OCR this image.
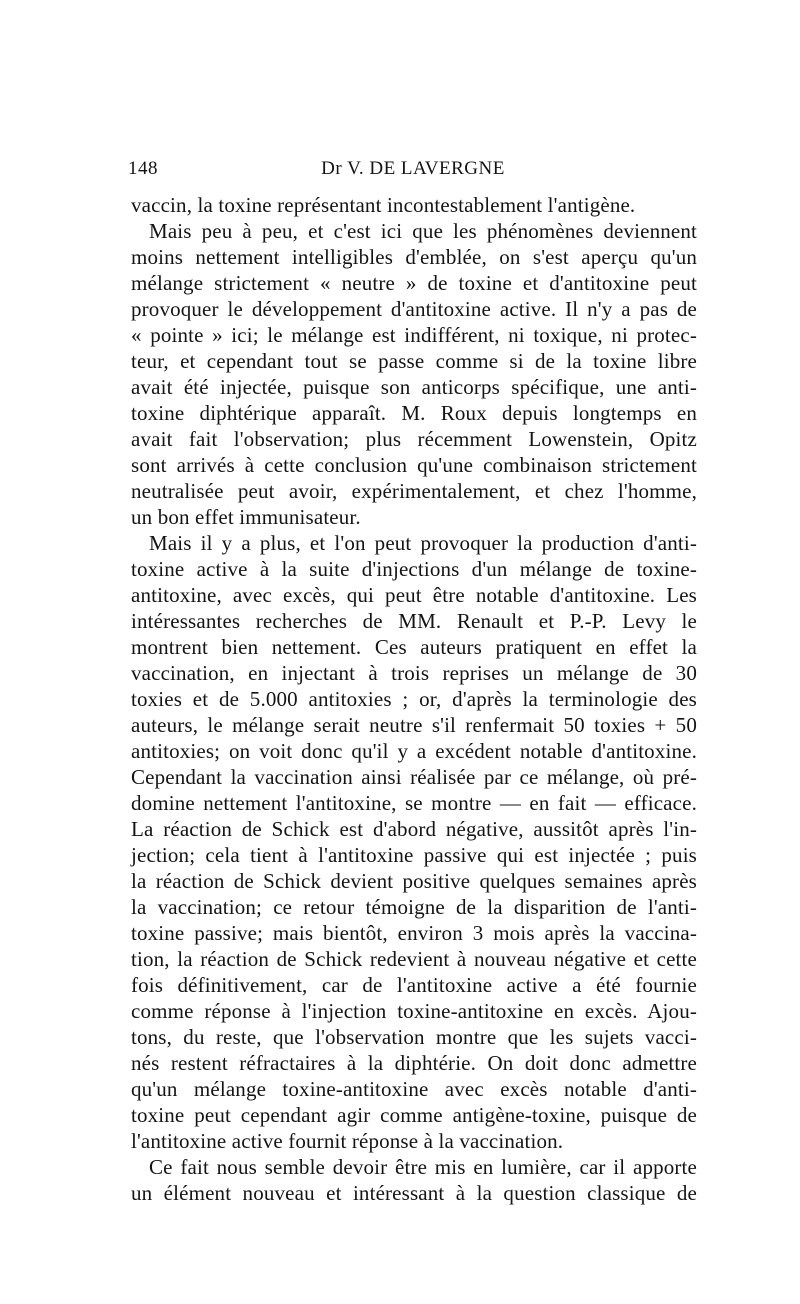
148	Dr V. DE LAVERGNE
vaccin, la toxine représentant incontestablement l'antigène.
Mais peu à peu, et c'est ici que les phénomènes deviennent
moins nettement intelligibles d'emblée, on s'est aperçu qu'un
mélange strictement « neutre » de toxine et d'antitoxine peut
provoquer le développement d'antitoxine active. Il n'y a pas de
« pointe » ici; le mélange est indifférent, ni toxique, ni protec-
teur, et cependant tout se passe comme si de la toxine libre
avait été injectée, puisque son anticorps spécifique, une anti-
toxine diphtérique apparaît. M. Roux depuis longtemps en
avait fait l'observation; plus récemment Lowenstein, Opitz
sont arrivés à cette conclusion qu'une combinaison strictement
neutralisée peut avoir, expérimentalement, et chez l'homme,
un bon effet immunisateur.
Mais il y a plus, et l'on peut provoquer la production d'anti-
toxine active à la suite d'injections d'un mélange de toxine-
antitoxine, avec excès, qui peut être notable d'antitoxine. Les
intéressantes recherches de MM. Renault et P.-P. Levy le
montrent bien nettement. Ces auteurs pratiquent en effet la
vaccination, en injectant à trois reprises un mélange de 30
toxies et de 5.000 antitoxies ; or, d'après la terminologie des
auteurs, le mélange serait neutre s'il renfermait 50 toxies + 50
antitoxies; on voit donc qu'il y a excédent notable d'antitoxine.
Cependant la vaccination ainsi réalisée par ce mélange, où pré-
domine nettement l'antitoxine, se montre — en fait — efficace.
La réaction de Schick est d'abord négative, aussitôt après l'in-
jection; cela tient à l'antitoxine passive qui est injectée ; puis
la réaction de Schick devient positive quelques semaines après
la vaccination; ce retour témoigne de la disparition de l'anti-
toxine passive; mais bientôt, environ 3 mois après la vaccina-
tion, la réaction de Schick redevient à nouveau négative et cette
fois définitivement, car de l'antitoxine active a été fournie
comme réponse à l'injection toxine-antitoxine en excès. Ajou-
tons, du reste, que l'observation montre que les sujets vacci-
nés restent réfractaires à la diphtérie. On doit donc admettre
qu'un mélange toxine-antitoxine avec excès notable d'anti-
toxine peut cependant agir comme antigène-toxine, puisque de
l'antitoxine active fournit réponse à la vaccination.
Ce fait nous semble devoir être mis en lumière, car il apporte
un élément nouveau et intéressant à la question classique de
